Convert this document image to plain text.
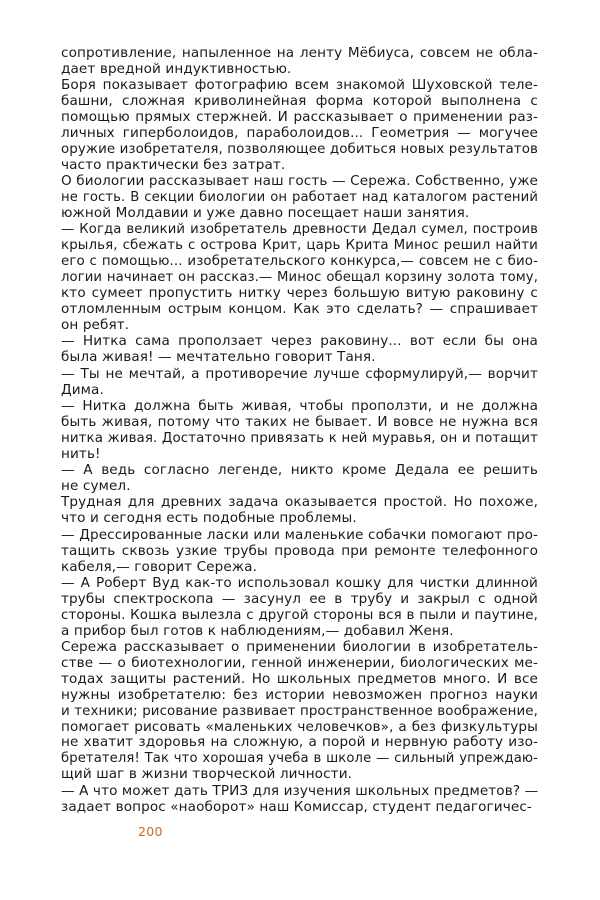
сопротивление, напыленное на ленту Мёбиуса, совсем не обла-
дает вредной индуктивностью.

Боря показывает фотографию всем знакомой Шуховской теле-
башни, сложная криволинейная форма которой выполнена с
помощью прямых стержней. И рассказывает о применении раз-
личных гиперболоидов, параболоидов... Геометрия — могучее
оружие изобретателя, позволяющее добиться новых результатов
часто практически без затрат.

О биологии рассказывает наш гость — Сережа. Собственно, уже
не гость. В секции биологии он работает над каталогом растений
южной Молдавии и уже давно посещает наши занятия.

— Когда великий изобретатель древности Дедал сумел, построив
крылья, сбежать с острова Крит, царь Крита Минос решил найти
его с помощью... изобретательского конкурса,— совсем не с био-
логии начинает он рассказ.— Минос обещал корзину золота тому,
кто сумеет пропустить нитку через большую витую раковину с
отломленным острым концом. Как это сделать? — спрашивает
он ребят.

— Нитка сама проползает через раковину... вот если бы она
была живая! — мечтательно говорит Таня.

— Ты не мечтай, а противоречие лучше сформулируй,— ворчит
Дима.

— Нитка должна быть живая, чтобы проползти, и не должна
быть живая, потому что таких не бывает. И вовсе не нужна вся
нитка живая. Достаточно привязать к ней муравья, он и потащит
нить!

— А ведь согласно легенде, никто кроме Дедала ее решить
не сумел.

Трудная для древних задача оказывается простой. Но похоже,
что и сегодня есть подобные проблемы.

— Дрессированные ласки или маленькие собачки помогают про-
тащить сквозь узкие трубы провода при ремонте телефонного
кабеля,— говорит Сережа.

— А Роберт Вуд как-то использовал кошку для чистки длинной
трубы спектроскопа — засунул ее в трубу и закрыл с одной
стороны. Кошка вылезла с другой стороны вся в пыли и паутине,
а прибор был готов к наблюдениям,— добавил Женя.

Сережа рассказывает о применении биологии в изобретатель-
стве — о биотехнологии, генной инженерии, биологических ме-
тодах защиты растений. Но школьных предметов много. И все
нужны изобретателю: без истории невозможен прогноз науки
и техники; рисование развивает пространственное воображение,
помогает рисовать «маленьких человечков», а без физкультуры
не хватит здоровья на сложную, а порой и нервную работу изо-
бретателя! Так что хорошая учеба в школе — сильный упреждаю-
щий шаг в жизни творческой личности.

— А что может дать ТРИЗ для изучения школьных предметов? —
задает вопрос «наоборот» наш Комиссар, студент педагогичес-

200
